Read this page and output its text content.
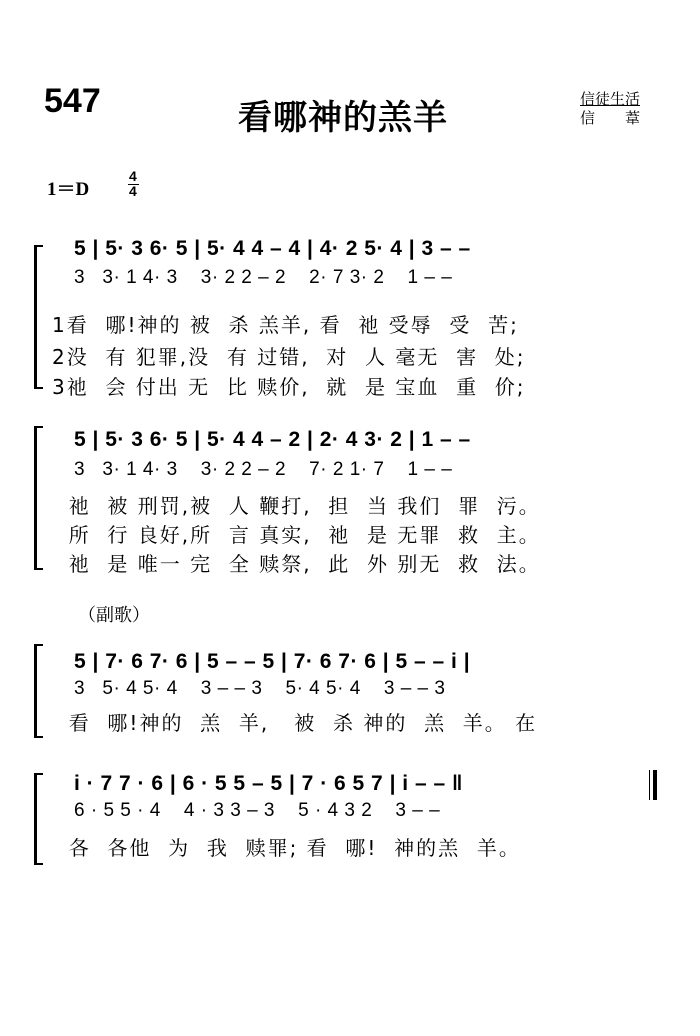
547	看哪神的羔羊	信徒生活
信　　葦
1＝D
4
4
5 | 5· 3 6· 5 | 5· 4 4 – 4 | 4· 2 5· 4 | 3 – –
3   3· 1 4· 3    3· 2 2 – 2    2· 7 3· 2    1 – –
1看  哪!神的 被  杀 羔羊, 看  祂 受辱  受  苦;
2没  有 犯罪,没  有 过错,  对  人 毫无  害  处;
3祂  会 付出 无  比 赎价,  就  是 宝血  重  价;
5 | 5· 3 6· 5 | 5· 4 4 – 2 | 2· 4 3· 2 | 1 – –
3   3· 1 4· 3    3· 2 2 – 2    7· 2 1· 7    1 – –
祂  被 刑罚,被  人 鞭打,  担  当 我们  罪  污。
所  行 良好,所  言 真实,  祂  是 无罪  救  主。
祂  是 唯一 完  全 赎祭,  此  外 别无  救  法。
（副歌）
5 | 7· 6 7· 6 | 5 – – 5 | 7· 6 7· 6 | 5 – – i |
3   5· 4 5· 4    3 – – 3    5· 4 5· 4    3 – – 3
看  哪!神的  羔  羊,   被  杀 神的  羔  羊。 在
i · 7 7 · 6 | 6 · 5 5 – 5 | 7 · 6 5 7 | i – – ‖
6 · 5 5 · 4    4 · 3 3 – 3    5 · 4 3 2    3 – –
各  各他  为  我  赎罪; 看  哪!  神的羔  羊。
